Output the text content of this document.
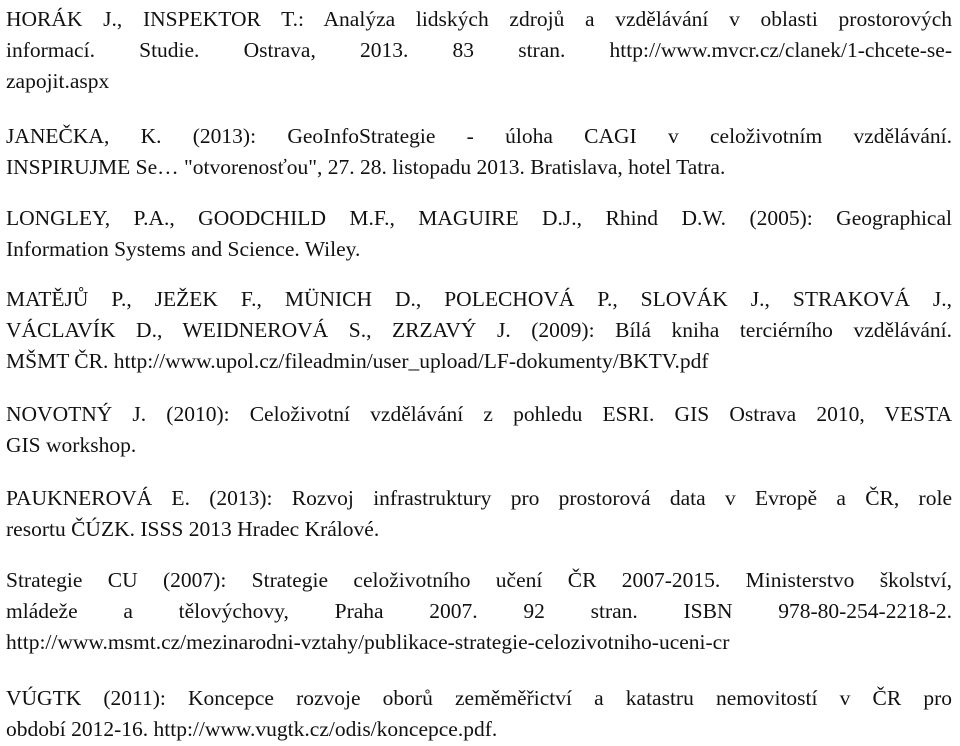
HORÁK J., INSPEKTOR T.: Analýza lidských zdrojů a vzdělávání v oblasti prostorových
informací. Studie. Ostrava, 2013. 83 stran. http://www.mvcr.cz/clanek/1-chcete-se-
zapojit.aspx
JANEČKA, K. (2013): GeoInfoStrategie - úloha CAGI v celoživotním vzdělávání.
INSPIRUJME Se… "otvorenosťou", 27. 28. listopadu 2013. Bratislava, hotel Tatra.
LONGLEY, P.A., GOODCHILD M.F., MAGUIRE D.J., Rhind D.W. (2005): Geographical
Information Systems and Science. Wiley.
MATĚJŮ P., JEŽEK F., MÜNICH D., POLECHOVÁ P., SLOVÁK J., STRAKOVÁ J.,
VÁCLAVÍK D., WEIDNEROVÁ S., ZRZAVÝ J. (2009): Bílá kniha terciérního vzdělávání.
MŠMT ČR. http://www.upol.cz/fileadmin/user_upload/LF-dokumenty/BKTV.pdf
NOVOTNÝ J. (2010): Celoživotní vzdělávání z pohledu ESRI. GIS Ostrava 2010, VESTA
GIS workshop.
PAUKNEROVÁ E. (2013): Rozvoj infrastruktury pro prostorová data v Evropě a ČR, role
resortu ČÚZK. ISSS 2013 Hradec Králové.
Strategie CU (2007): Strategie celoživotního učení ČR 2007-2015. Ministerstvo školství,
mládeže a tělovýchovy, Praha 2007. 92 stran. ISBN 978-80-254-2218-2.
http://www.msmt.cz/mezinarodni-vztahy/publikace-strategie-celozivotniho-uceni-cr
VÚGTK (2011): Koncepce rozvoje oborů zeměměřictví a katastru nemovitostí v ČR pro
období 2012-16. http://www.vugtk.cz/odis/koncepce.pdf.
